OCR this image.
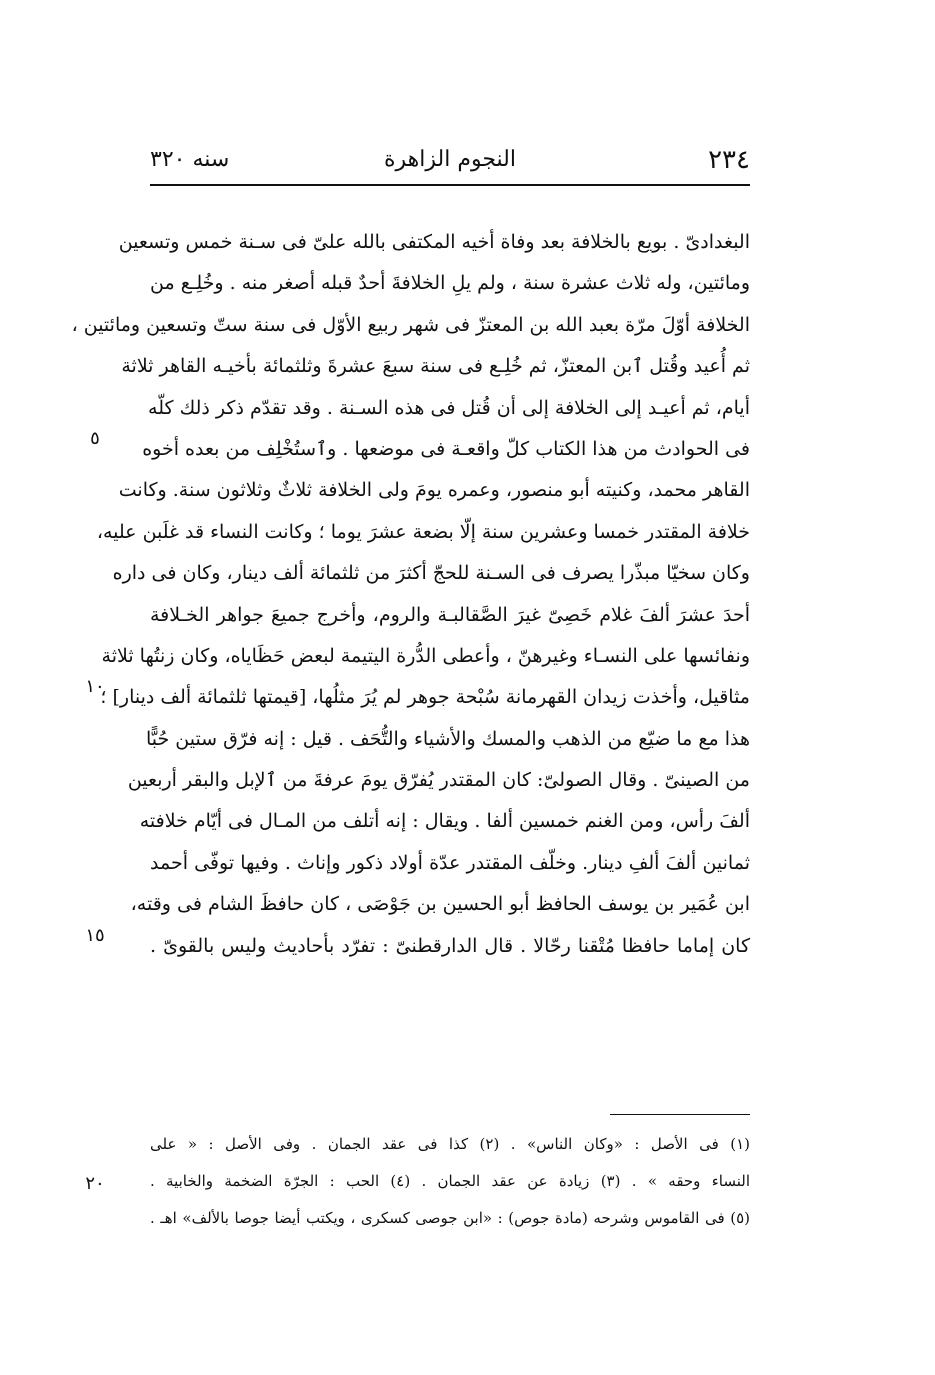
٢٣٤
النجوم الزاهرة
سنه ٣٢٠
البغدادىّ . بويع بالخلافة بعد وفاة أخيه المكتفى بالله علىّ فى سـنة خمس وتسعين
ومائتين، وله ثلاث عشرة سنة ، ولم يلِ الخلافةَ أحدٌ قبله أصغر منه . وخُلِـع من
الخلافة أوّلَ مرّة بعبد الله بن المعتزّ فى شهر ربيع الأوّل فى سنة ستّ وتسعين ومائتين ،
ثم أُعيد وقُتل ٱبن المعتزّ، ثم خُلِـع فى سنة سبعَ عشرةَ وثلثمائة بأخيـه القاهر ثلاثة
أيام، ثم أعيـد إلى الخلافة إلى أن قُتل فى هذه السـنة . وقد تقدّم ذكر ذلك كلّه
فى الحوادث من هذا الكتاب كلّ واقعـة فى موضعها . وٱستُخْلِف من بعده أخوه
القاهر محمد، وكنيته أبو منصور، وعمره يومَ ولى الخلافة ثلاثٌ وثلاثون سنة. وكانت
خلافة المقتدر خمسا وعشرين سنة إلّا بضعة عشرَ يوما ؛ وكانت النساء قد غلَبن عليه،
وكان سخيّا مبذّرا يصرف فى السـنة للحجّ أكثرَ من ثلثمائة ألف دينار، وكان فى داره
أحدَ عشرَ ألفَ غلام خَصِىّ غيرَ الصَّقالبـة والروم، وأخرج جميعَ جواهر الخـلافة
ونفائسها على النسـاء وغيرهنّ ، وأعطى الدُّرة اليتيمة لبعض حَظَاياه، وكان زنتُها ثلاثة
مثاقيل، وأخذت زيدان القهرمانة سُبْحة جوهر لم يُرَ مثلُها، [قيمتها ثلثمائة ألف دينار] ؛
هذا مع ما ضيّع من الذهب والمسك والأشياء والتُّحَف . قيل : إنه فرّق ستين حُبًّا
من الصينىّ . وقال الصولىّ: كان المقتدر يُفرّق يومَ عرفةَ من ٱلإبل والبقر أربعين
ألفَ رأس، ومن الغنم خمسين ألفا . ويقال : إنه أتلف من المـال فى أيّام خلافته
ثمانين ألفَ ألفِ دينار. وخلّف المقتدر عدّة أولاد ذكور وإناث . وفيها توفّى أحمد
ابن عُمَير بن يوسف الحافظ أبو الحسين بن جَوْصَى ، كان حافظَ الشام فى وقته،
كان إماما حافظا مُتْقنا رحّالا . قال الدارقطنىّ : تفرّد بأحاديث وليس بالقوىّ .
٥
١٠
١٥
٢٠
(١) فى الأصل : «وكان الناس» . (٢) كذا فى عقد الجمان . وفى الأصل : « على
النساء وحقه » . (٣) زيادة عن عقد الجمان . (٤) الحب : الجرّة الضخمة والخابية .
(٥) فى القاموس وشرحه (مادة جوص) : «ابن جوصى كسكرى ، ويكتب أيضا جوصا بالألف» اهـ .
